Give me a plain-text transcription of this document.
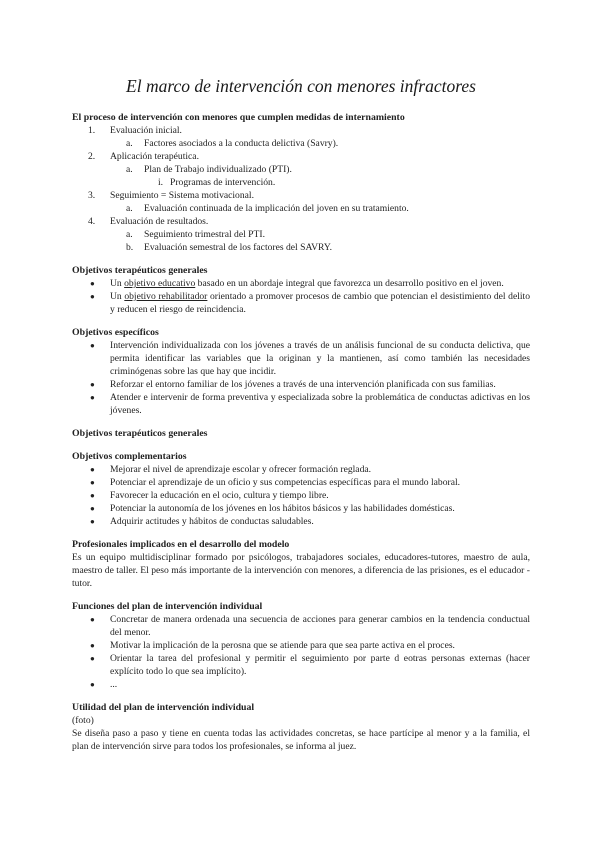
El marco de intervención con menores infractores
El proceso de intervención con menores que cumplen medidas de internamiento
1. Evaluación inicial.
a. Factores asociados a la conducta delictiva (Savry).
2. Aplicación terapéutica.
a. Plan de Trabajo individualizado (PTI).
i. Programas de intervención.
3. Seguimiento = Sistema motivacional.
a. Evaluación continuada de la implicación del joven en su tratamiento.
4. Evaluación de resultados.
a. Seguimiento trimestral del PTI.
b. Evaluación semestral de los factores del SAVRY.
Objetivos terapéuticos generales
● Un objetivo educativo basado en un abordaje integral que favorezca un desarrollo positivo en el joven.
● Un objetivo rehabilitador orientado a promover procesos de cambio que potencian el desistimiento del delito y reducen el riesgo de reincidencia.
Objetivos específicos
● Intervención individualizada con los jóvenes a través de un análisis funcional de su conducta delictiva, que permita identificar las variables que la originan y la mantienen, así como también las necesidades criminógenas sobre las que hay que incidir.
● Reforzar el entorno familiar de los jóvenes a través de una intervención planificada con sus familias.
● Atender e intervenir de forma preventiva y especializada sobre la problemática de conductas adictivas en los jóvenes.
Objetivos terapéuticos generales
Objetivos complementarios
● Mejorar el nivel de aprendizaje escolar y ofrecer formación reglada.
● Potenciar el aprendizaje de un oficio y sus competencias específicas para el mundo laboral.
● Favorecer la educación en el ocio, cultura y tiempo libre.
● Potenciar la autonomía de los jóvenes en los hábitos básicos y las habilidades domésticas.
● Adquirir actitudes y hábitos de conductas saludables.
Profesionales implicados en el desarrollo del modelo

Es un equipo multidisciplinar formado por psicólogos, trabajadores sociales, educadores-tutores, maestro de aula, maestro de taller. El peso más importante de la intervención con menores, a diferencia de las prisiones, es el educador - tutor.

Funciones del plan de intervención individual
● Concretar de manera ordenada una secuencia de acciones para generar cambios en la tendencia conductual del menor.
● Motivar la implicación de la perosna que se atiende para que sea parte activa en el proces.
● Orientar la tarea del profesional y permitir el seguimiento por parte d eotras personas externas (hacer explícito todo lo que sea implícito).
● ...
Utilidad del plan de intervención individual

(foto)

Se diseña paso a paso y tiene en cuenta todas las actividades concretas, se hace partícipe al menor y a la familia, el plan de intervención sirve para todos los profesionales, se informa al juez.
